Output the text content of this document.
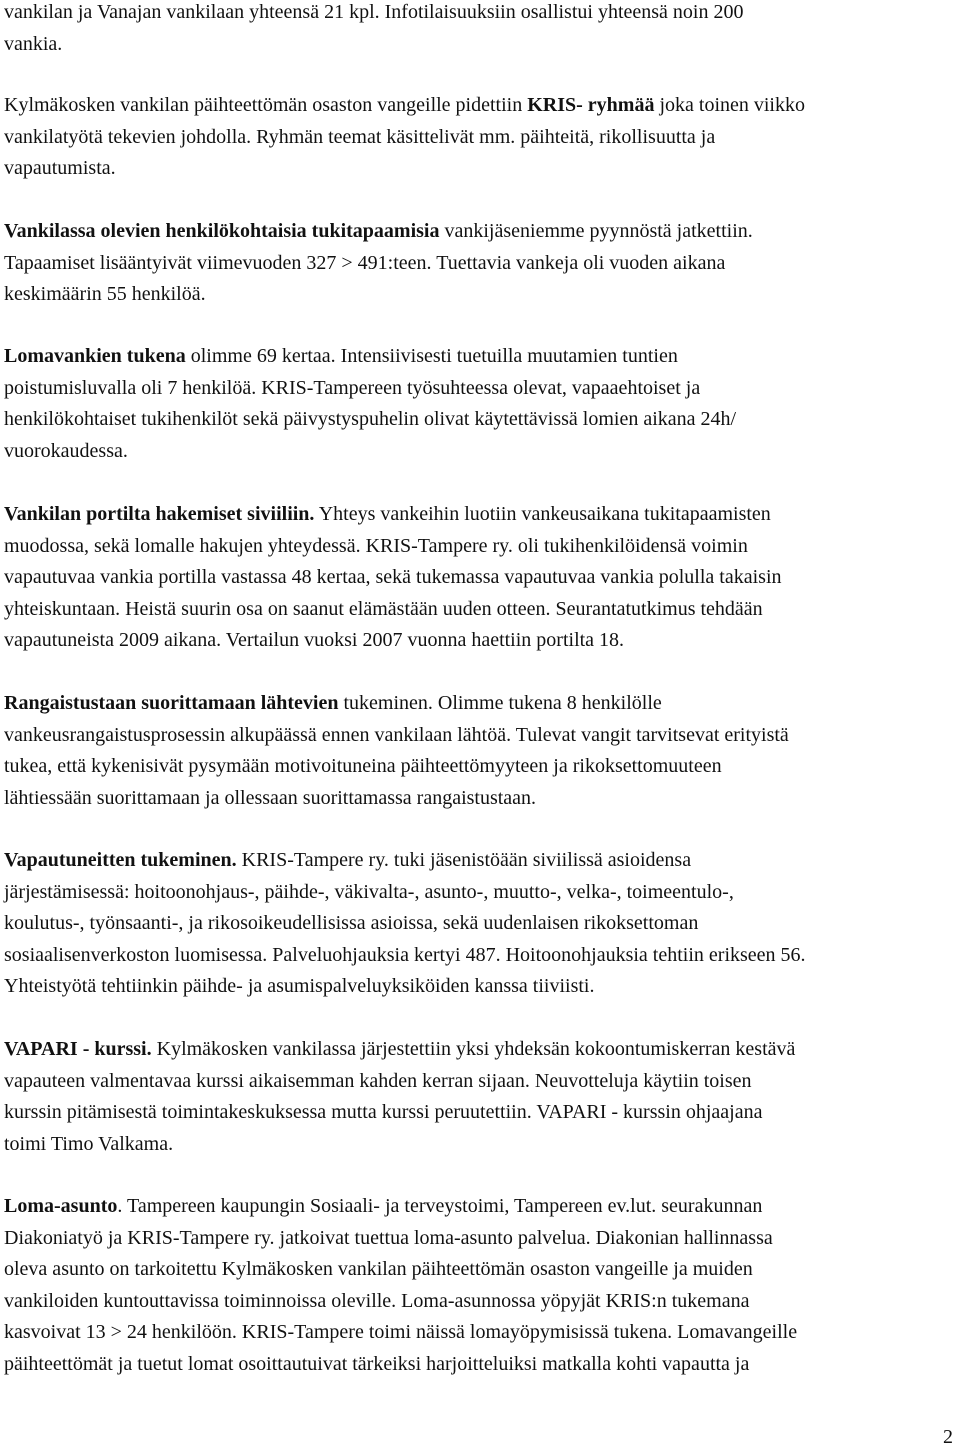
vankilan ja Vanajan vankilaan yhteensä 21 kpl. Infotilaisuuksiin osallistui yhteensä noin 200
vankia.
Kylmäkosken vankilan päihteettömän osaston vangeille pidettiin KRIS- ryhmää joka toinen viikko
vankilatyötä tekevien johdolla. Ryhmän teemat käsittelivät mm. päihteitä, rikollisuutta ja
vapautumista.
Vankilassa olevien henkilökohtaisia tukitapaamisia vankijäseniemme pyynnöstä jatkettiin.
Tapaamiset lisääntyivät viimevuoden 327 > 491:teen. Tuettavia vankeja oli vuoden aikana
keskimäärin 55 henkilöä.
Lomavankien tukena olimme 69 kertaa. Intensiivisesti tuetuilla muutamien tuntien
poistumisluvalla oli 7 henkilöä. KRIS-Tampereen työsuhteessa olevat, vapaaehtoiset ja
henkilökohtaiset tukihenkilöt sekä päivystyspuhelin olivat käytettävissä lomien aikana 24h/
vuorokaudessa.
Vankilan portilta hakemiset siviiliin. Yhteys vankeihin luotiin vankeusaikana tukitapaamisten
muodossa, sekä lomalle hakujen yhteydessä. KRIS-Tampere ry. oli tukihenkilöidensä voimin
vapautuvaa vankia portilla vastassa 48 kertaa, sekä tukemassa vapautuvaa vankia polulla takaisin
yhteiskuntaan. Heistä suurin osa on saanut elämästään uuden otteen. Seurantatutkimus tehdään
vapautuneista 2009 aikana. Vertailun vuoksi 2007 vuonna haettiin portilta 18.
Rangaistustaan suorittamaan lähtevien tukeminen. Olimme tukena 8 henkilölle
vankeusrangaistusprosessin alkupäässä ennen vankilaan lähtöä. Tulevat vangit tarvitsevat erityistä
tukea, että kykenisivät pysymään motivoituneina päihteettömyyteen ja rikoksettomuuteen
lähtiessään suorittamaan ja ollessaan suorittamassa rangaistustaan.
Vapautuneitten tukeminen. KRIS-Tampere ry. tuki jäsenistöään siviilissä asioidensa
järjestämisessä: hoitoonohjaus-, päihde-, väkivalta-, asunto-, muutto-, velka-, toimeentulo-,
koulutus-, työnsaanti-, ja rikosoikeudellisissa asioissa, sekä uudenlaisen rikoksettoman
sosiaalisenverkoston luomisessa. Palveluohjauksia kertyi 487. Hoitoonohjauksia tehtiin erikseen 56.
Yhteistyötä tehtiinkin päihde- ja asumispalveluyksiköiden kanssa tiiviisti.
VAPARI - kurssi. Kylmäkosken vankilassa järjestettiin yksi yhdeksän kokoontumiskerran kestävä
vapauteen valmentavaa kurssi aikaisemman kahden kerran sijaan. Neuvotteluja käytiin toisen
kurssin pitämisestä toimintakeskuksessa mutta kurssi peruutettiin. VAPARI - kurssin ohjaajana
toimi Timo Valkama.
Loma-asunto. Tampereen kaupungin Sosiaali- ja terveystoimi, Tampereen ev.lut. seurakunnan
Diakoniatyö ja KRIS-Tampere ry. jatkoivat tuettua loma-asunto palvelua. Diakonian hallinnassa
oleva asunto on tarkoitettu Kylmäkosken vankilan päihteettömän osaston vangeille ja muiden
vankiloiden kuntouttavissa toiminnoissa oleville. Loma-asunnossa yöpyjät KRIS:n tukemana
kasvoivat 13 > 24 henkilöön. KRIS-Tampere toimi näissä lomayöpymisissä tukena. Lomavangeille
päihteettömät ja tuetut lomat osoittautuivat tärkeiksi harjoitteluiksi matkalla kohti vapautta ja
2
